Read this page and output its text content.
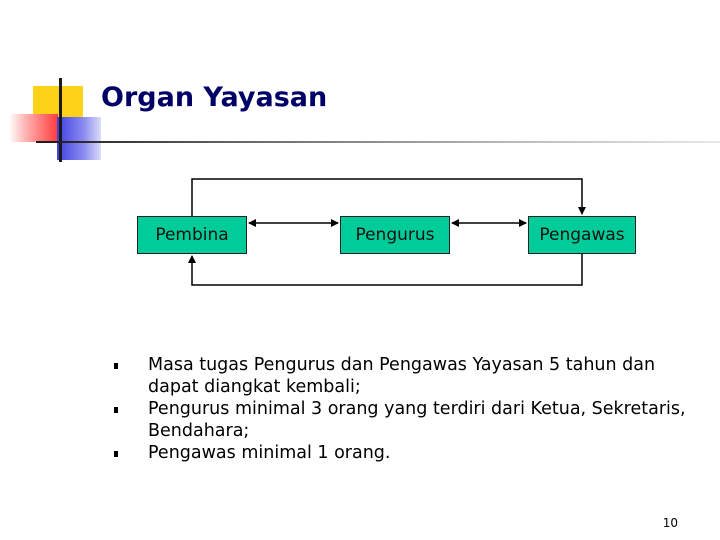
Organ Yayasan
Pembina	Pengurus	Pengawas
Masa tugas Pengurus dan Pengawas Yayasan 5 tahun dan dapat diangkat kembali;
Pengurus minimal 3 orang yang terdiri dari Ketua, Sekretaris, Bendahara;
Pengawas minimal 1 orang.
10
